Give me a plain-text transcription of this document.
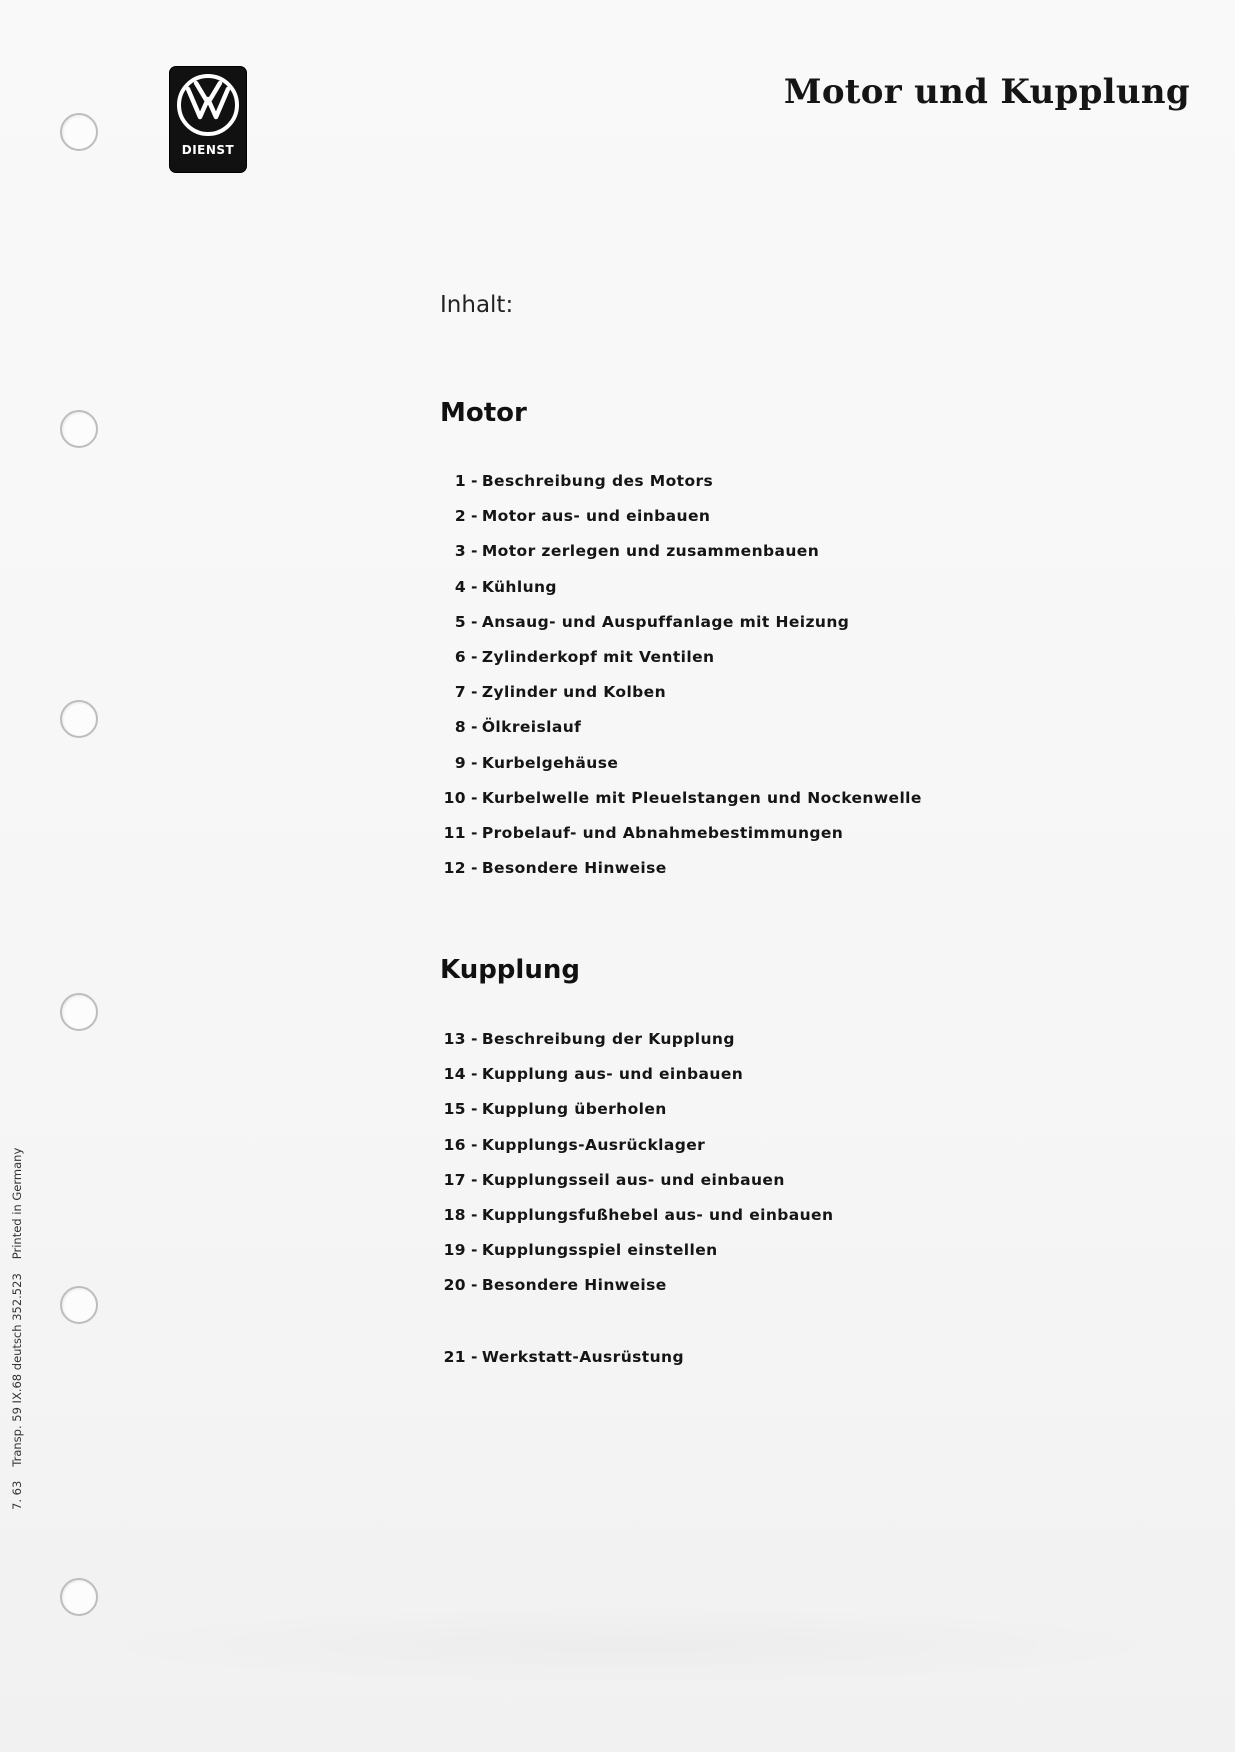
DIENST
Motor und Kupplung
Inhalt:
Motor
1 - Beschreibung des Motors
2 - Motor aus- und einbauen
3 - Motor zerlegen und zusammenbauen
4 - Kühlung
5 - Ansaug- und Auspuffanlage mit Heizung
6 - Zylinderkopf mit Ventilen
7 - Zylinder und Kolben
8 - Ölkreislauf
9 - Kurbelgehäuse
10 - Kurbelwelle mit Pleuelstangen und Nockenwelle
11 - Probelauf- und Abnahmebestimmungen
12 - Besondere Hinweise
Kupplung
13 - Beschreibung der Kupplung
14 - Kupplung aus- und einbauen
15 - Kupplung überholen
16 - Kupplungs-Ausrücklager
17 - Kupplungsseil aus- und einbauen
18 - Kupplungsfußhebel aus- und einbauen
19 - Kupplungsspiel einstellen
20 - Besondere Hinweise
21 - Werkstatt-Ausrüstung
7. 63Transp. 59 IX.68 deutsch 352.523Printed in Germany
